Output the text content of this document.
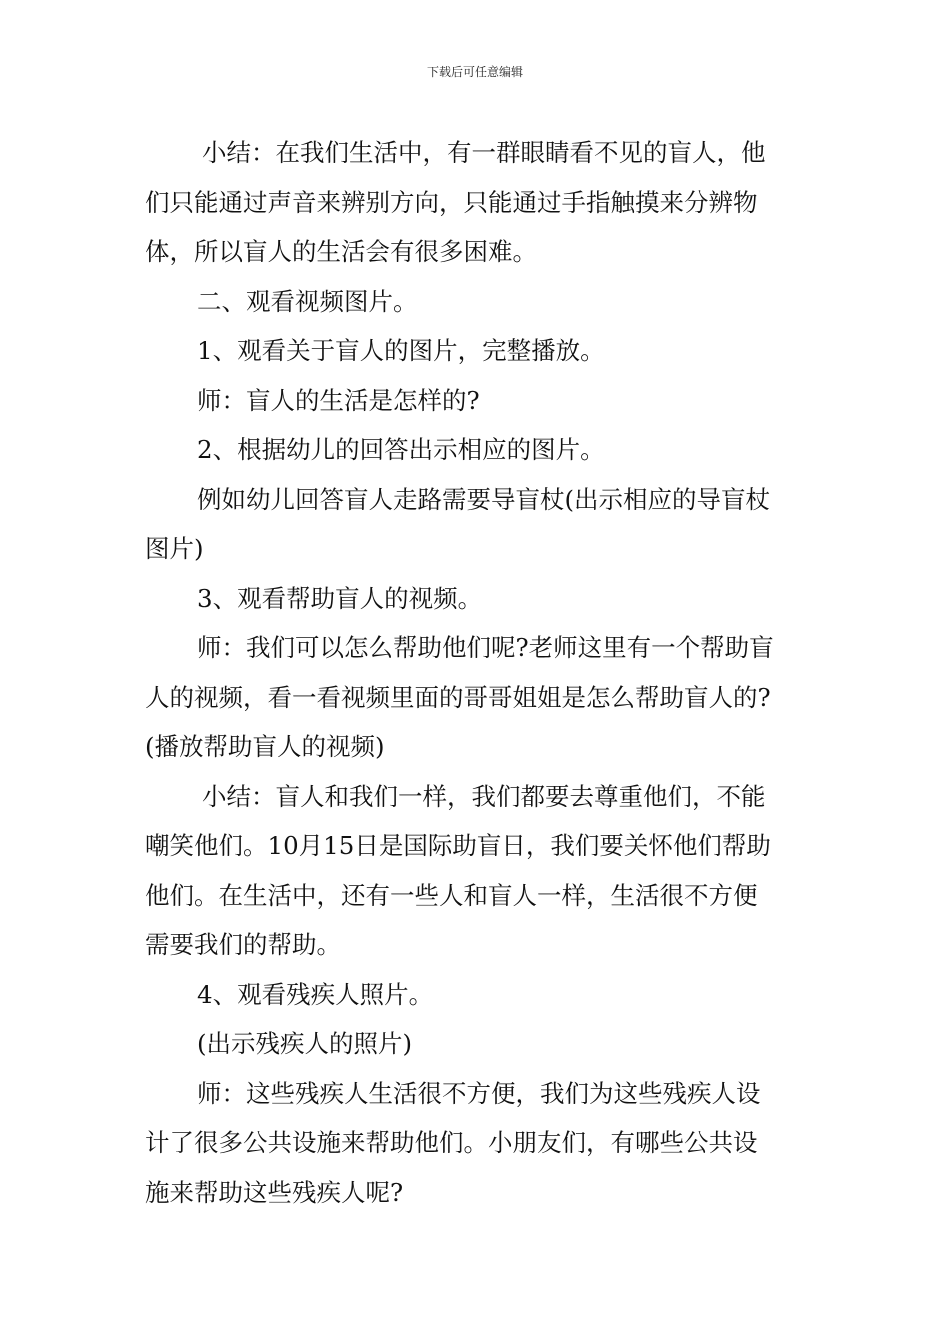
下载后可任意编辑
小结：在我们生活中，有一群眼睛看不见的盲人，他
们只能通过声音来辨别方向，只能通过手指触摸来分辨物
体，所以盲人的生活会有很多困难。
二、观看视频图片。
1、观看关于盲人的图片，完整播放。
师：盲人的生活是怎样的?
2、根据幼儿的回答出示相应的图片。
例如幼儿回答盲人走路需要导盲杖(出示相应的导盲杖
图片)
3、观看帮助盲人的视频。
师：我们可以怎么帮助他们呢?老师这里有一个帮助盲
人的视频，看一看视频里面的哥哥姐姐是怎么帮助盲人的?
(播放帮助盲人的视频)
小结：盲人和我们一样，我们都要去尊重他们，不能
嘲笑他们。10月15日是国际助盲日，我们要关怀他们帮助
他们。在生活中，还有一些人和盲人一样，生活很不方便
需要我们的帮助。
4、观看残疾人照片。
(出示残疾人的照片)
师：这些残疾人生活很不方便，我们为这些残疾人设
计了很多公共设施来帮助他们。小朋友们，有哪些公共设
施来帮助这些残疾人呢?
